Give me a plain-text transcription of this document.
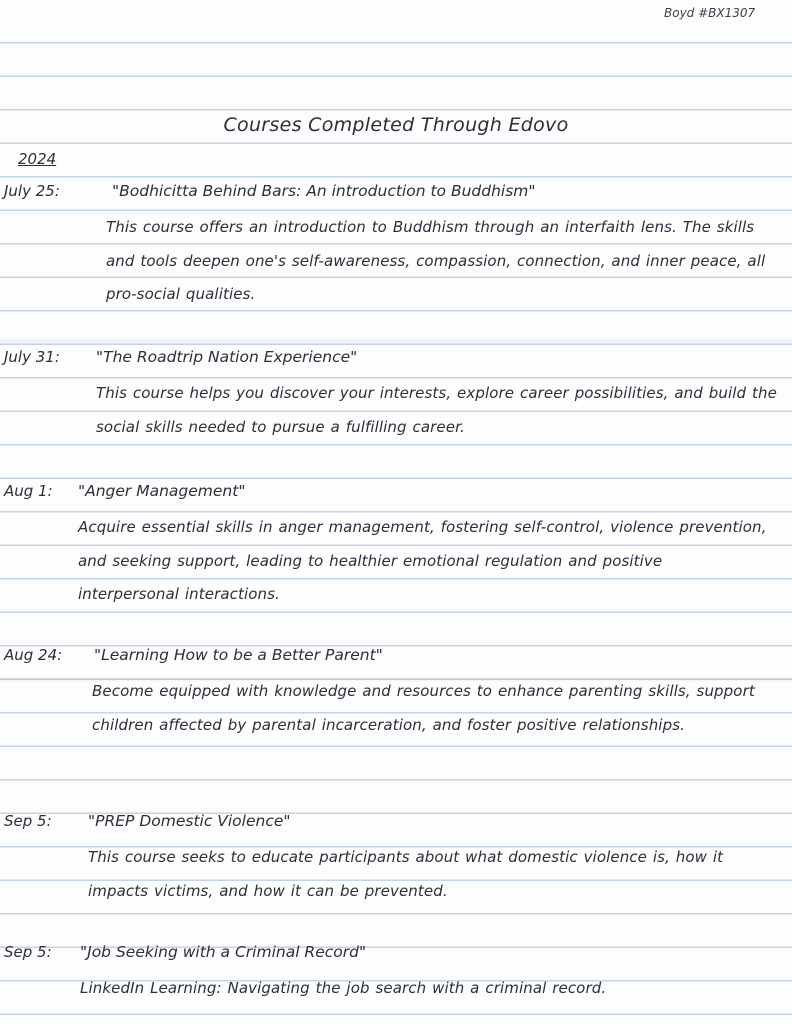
Boyd #BX1307
Courses Completed Through Edovo
2024
July 25:	"Bodhicitta Behind Bars: An introduction to Buddhism"
This course offers an introduction to Buddhism through an interfaith lens. The skills and tools deepen one's self-awareness, compassion, connection, and inner peace, all pro-social qualities.
July 31: "The Roadtrip Nation Experience"
This course helps you discover your interests, explore career possibilities, and build the social skills needed to pursue a fulfilling career.
Aug 1: "Anger Management"
Acquire essential skills in anger management, fostering self-control, violence prevention, and seeking support, leading to healthier emotional regulation and positive interpersonal interactions.
Aug 24: "Learning How to be a Better Parent"
Become equipped with knowledge and resources to enhance parenting skills, support children affected by parental incarceration, and foster positive relationships.
Sep 5: "PREP Domestic Violence"
This course seeks to educate participants about what domestic violence is, how it impacts victims, and how it can be prevented.
Sep 5: "Job Seeking with a Criminal Record"
LinkedIn Learning: Navigating the job search with a criminal record.
